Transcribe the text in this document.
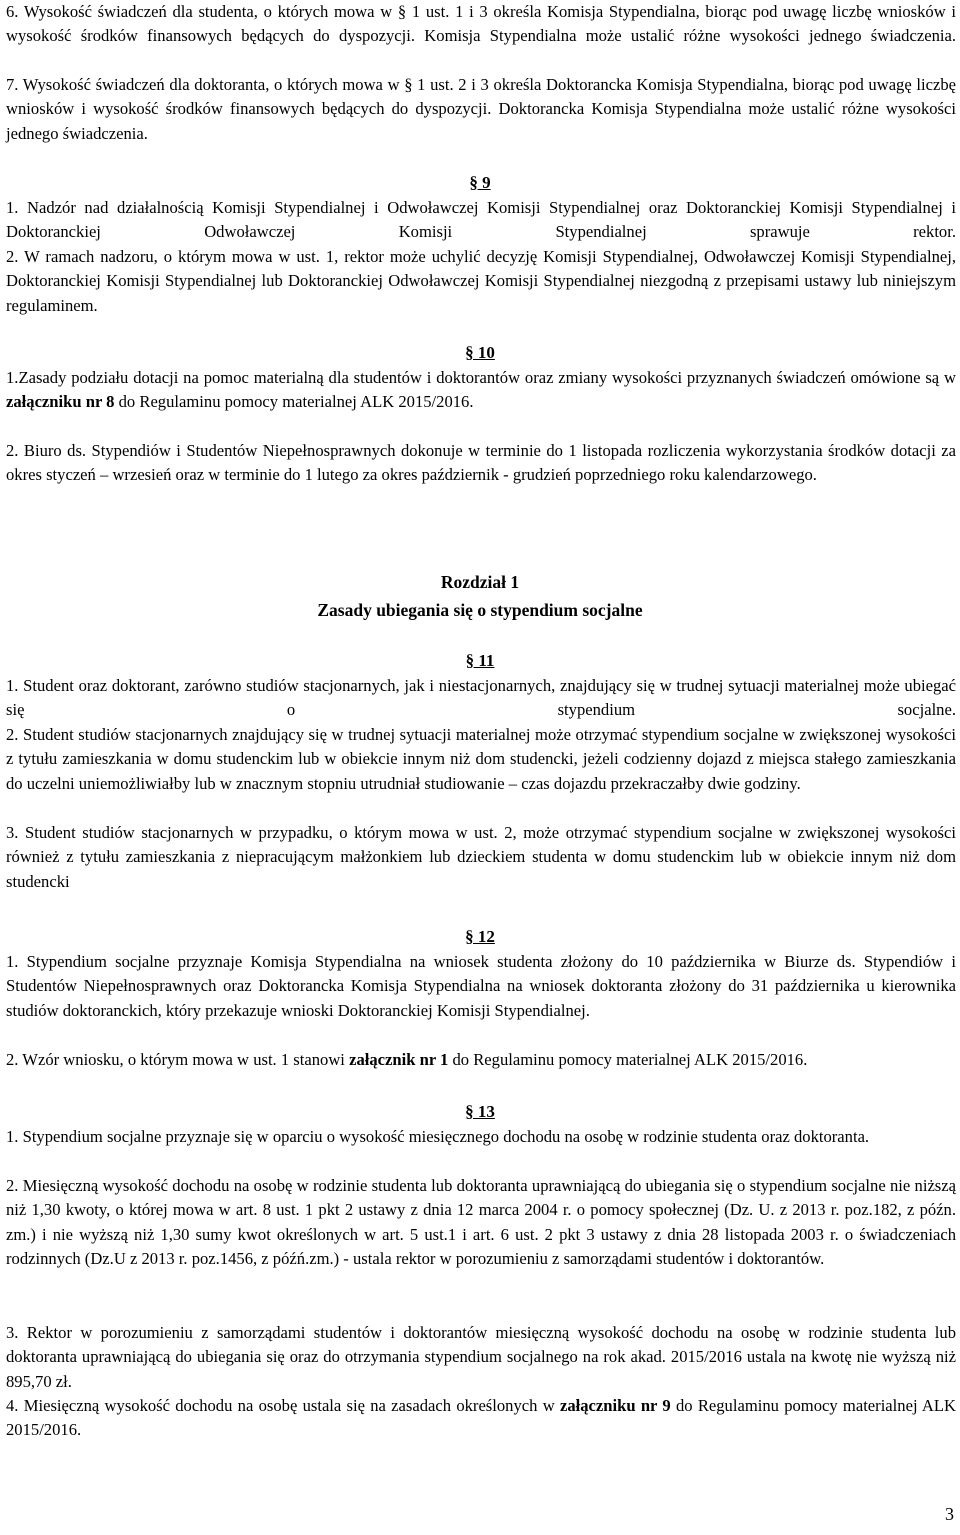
6. Wysokość świadczeń dla studenta, o których mowa w § 1 ust. 1 i 3 określa Komisja Stypendialna, biorąc pod uwagę liczbę wniosków i wysokość środków finansowych będących do dyspozycji. Komisja Stypendialna może ustalić różne wysokości jednego świadczenia.

7. Wysokość świadczeń dla doktoranta, o których mowa w § 1 ust. 2 i 3 określa Doktorancka Komisja Stypendialna, biorąc pod uwagę liczbę wniosków i wysokość środków finansowych będących do dyspozycji. Doktorancka Komisja Stypendialna może ustalić różne wysokości jednego świadczenia.

§ 9

1. Nadzór nad działalnością Komisji Stypendialnej i Odwoławczej Komisji Stypendialnej oraz Doktoranckiej Komisji Stypendialnej i Doktoranckiej Odwoławczej Komisji Stypendialnej sprawuje rektor.

2. W ramach nadzoru, o którym mowa w ust. 1, rektor może uchylić decyzję Komisji Stypendialnej, Odwoławczej Komisji Stypendialnej, Doktoranckiej Komisji Stypendialnej lub Doktoranckiej Odwoławczej Komisji Stypendialnej niezgodną z przepisami ustawy lub niniejszym regulaminem.

§ 10

1.Zasady podziału dotacji na pomoc materialną dla studentów i doktorantów oraz zmiany wysokości przyznanych świadczeń omówione są w załączniku nr 8 do Regulaminu pomocy materialnej ALK 2015/2016.

2. Biuro ds. Stypendiów i Studentów Niepełnosprawnych dokonuje w terminie do 1 listopada rozliczenia wykorzystania środków dotacji za okres styczeń – wrzesień oraz w terminie do 1 lutego za okres październik - grudzień poprzedniego roku kalendarzowego.

Rozdział 1

Zasady ubiegania się o stypendium socjalne

§ 11

1. Student oraz doktorant, zarówno studiów stacjonarnych, jak i niestacjonarnych, znajdujący się w trudnej sytuacji materialnej może ubiegać się o stypendium socjalne.

2. Student studiów stacjonarnych znajdujący się w trudnej sytuacji materialnej może otrzymać stypendium socjalne w zwiększonej wysokości z tytułu zamieszkania w domu studenckim lub w obiekcie innym niż dom studencki, jeżeli codzienny dojazd z miejsca stałego zamieszkania do uczelni uniemożliwiałby lub w znacznym stopniu utrudniał studiowanie – czas dojazdu przekraczałby dwie godziny.

3. Student studiów stacjonarnych w przypadku, o którym mowa w ust. 2, może otrzymać stypendium socjalne w zwiększonej wysokości również z tytułu zamieszkania z niepracującym małżonkiem lub dzieckiem studenta w domu studenckim lub w obiekcie innym niż dom studencki

§ 12

1. Stypendium socjalne przyznaje Komisja Stypendialna na wniosek studenta złożony do 10 października w Biurze ds. Stypendiów i Studentów Niepełnosprawnych oraz Doktorancka Komisja Stypendialna na wniosek doktoranta złożony do 31 października u kierownika studiów doktoranckich, który przekazuje wnioski Doktoranckiej Komisji Stypendialnej.

2. Wzór wniosku, o którym mowa w ust. 1 stanowi załącznik nr 1 do Regulaminu pomocy materialnej ALK 2015/2016.

§ 13

1. Stypendium socjalne przyznaje się w oparciu o wysokość miesięcznego dochodu na osobę w rodzinie studenta oraz doktoranta.

2. Miesięczną wysokość dochodu na osobę w rodzinie studenta lub doktoranta uprawniającą do ubiegania się o stypendium socjalne nie niższą niż 1,30 kwoty, o której mowa w art. 8 ust. 1 pkt 2 ustawy z dnia 12 marca 2004 r. o pomocy społecznej (Dz. U. z 2013 r. poz.182, z późn. zm.) i nie wyższą niż 1,30 sumy kwot określonych w art. 5 ust.1 i art. 6 ust. 2 pkt 3 ustawy z dnia 28 listopada 2003 r. o świadczeniach rodzinnych (Dz.U z 2013 r. poz.1456, z późń.zm.) - ustala rektor w porozumieniu z samorządami studentów i doktorantów.

3. Rektor w porozumieniu z samorządami studentów i doktorantów miesięczną wysokość dochodu na osobę w rodzinie studenta lub doktoranta uprawniającą do ubiegania się oraz do otrzymania stypendium socjalnego na rok akad. 2015/2016 ustala na kwotę nie wyższą niż 895,70 zł.

4. Miesięczną wysokość dochodu na osobę ustala się na zasadach określonych w załączniku nr 9 do Regulaminu pomocy materialnej ALK 2015/2016.

3
